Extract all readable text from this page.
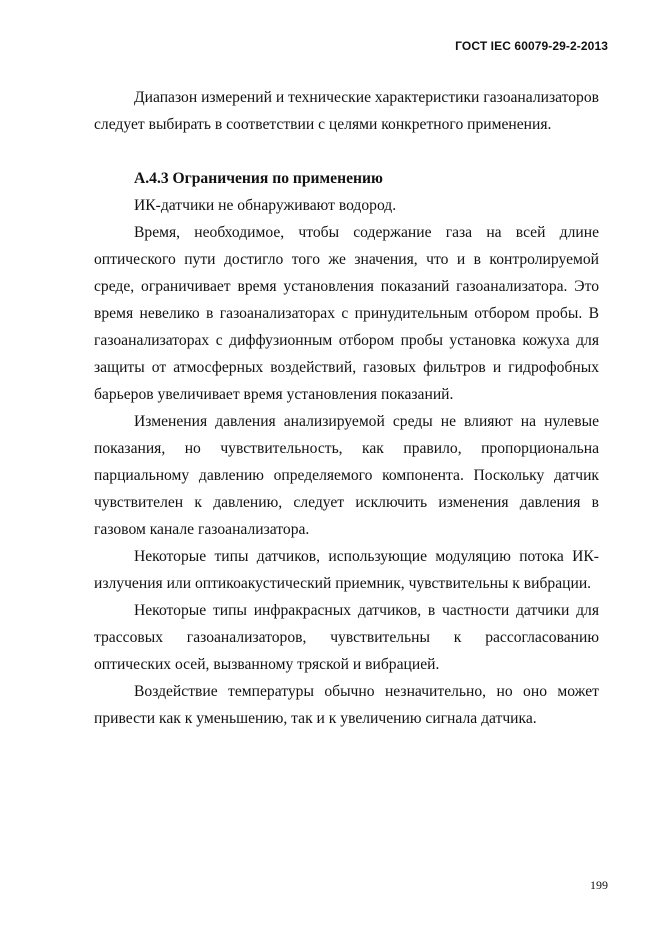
ГОСТ IEC 60079-29-2-2013

Диапазон измерений и технические характеристики газоанализаторов следует выбирать в соответствии с целями конкретного применения.

А.4.3 Ограничения по применению

ИК-датчики не обнаруживают водород.

Время, необходимое, чтобы содержание газа на всей длине оптического пути достигло того же значения, что и в контролируемой среде, ограничивает время установления показаний газоанализатора. Это время невелико в газоанализаторах с принудительным отбором пробы. В газоанализаторах с диффузионным отбором пробы установка кожуха для защиты от атмосферных воздействий, газовых фильтров и гидрофобных барьеров увеличивает время установления показаний.

Изменения давления анализируемой среды не влияют на нулевые показания, но чувствительность, как правило, пропорциональна парциальному давлению определяемого компонента. Поскольку датчик чувствителен к давлению, следует исключить изменения давления в газовом канале газоанализатора.

Некоторые типы датчиков, использующие модуляцию потока ИК-излучения или оптикоакустический приемник, чувствительны к вибрации.

Некоторые типы инфракрасных датчиков, в частности датчики для трассовых газоанализаторов, чувствительны к рассогласованию оптических осей, вызванному тряской и вибрацией.

Воздействие температуры обычно незначительно, но оно может привести как к уменьшению, так и к увеличению сигнала датчика.

199
